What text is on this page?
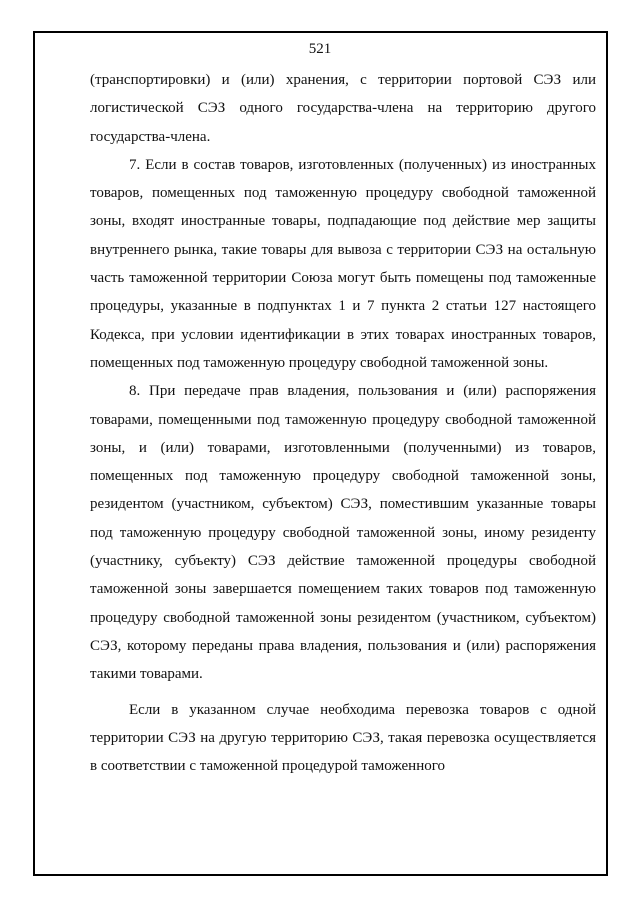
521

(транспортировки) и (или) хранения, с территории портовой СЭЗ или логистической СЭЗ одного государства-члена на территорию другого государства-члена.

7. Если в состав товаров, изготовленных (полученных) из иностранных товаров, помещенных под таможенную процедуру свободной таможенной зоны, входят иностранные товары, подпадающие под действие мер защиты внутреннего рынка, такие товары для вывоза с территории СЭЗ на остальную часть таможенной территории Союза могут быть помещены под таможенные процедуры, указанные в подпунктах 1 и 7 пункта 2 статьи 127 настоящего Кодекса, при условии идентификации в этих товарах иностранных товаров, помещенных под таможенную процедуру свободной таможенной зоны.

8. При передаче прав владения, пользования и (или) распоряжения товарами, помещенными под таможенную процедуру свободной таможенной зоны, и (или) товарами, изготовленными (полученными) из товаров, помещенных под таможенную процедуру свободной таможенной зоны, резидентом (участником, субъектом) СЭЗ, поместившим указанные товары под таможенную процедуру свободной таможенной зоны, иному резиденту (участнику, субъекту) СЭЗ действие таможенной процедуры свободной таможенной зоны завершается помещением таких товаров под таможенную процедуру свободной таможенной зоны резидентом (участником, субъектом) СЭЗ, которому переданы права владения, пользования и (или) распоряжения такими товарами.

Если в указанном случае необходима перевозка товаров с одной территории СЭЗ на другую территорию СЭЗ, такая перевозка осуществляется в соответствии с таможенной процедурой таможенного
